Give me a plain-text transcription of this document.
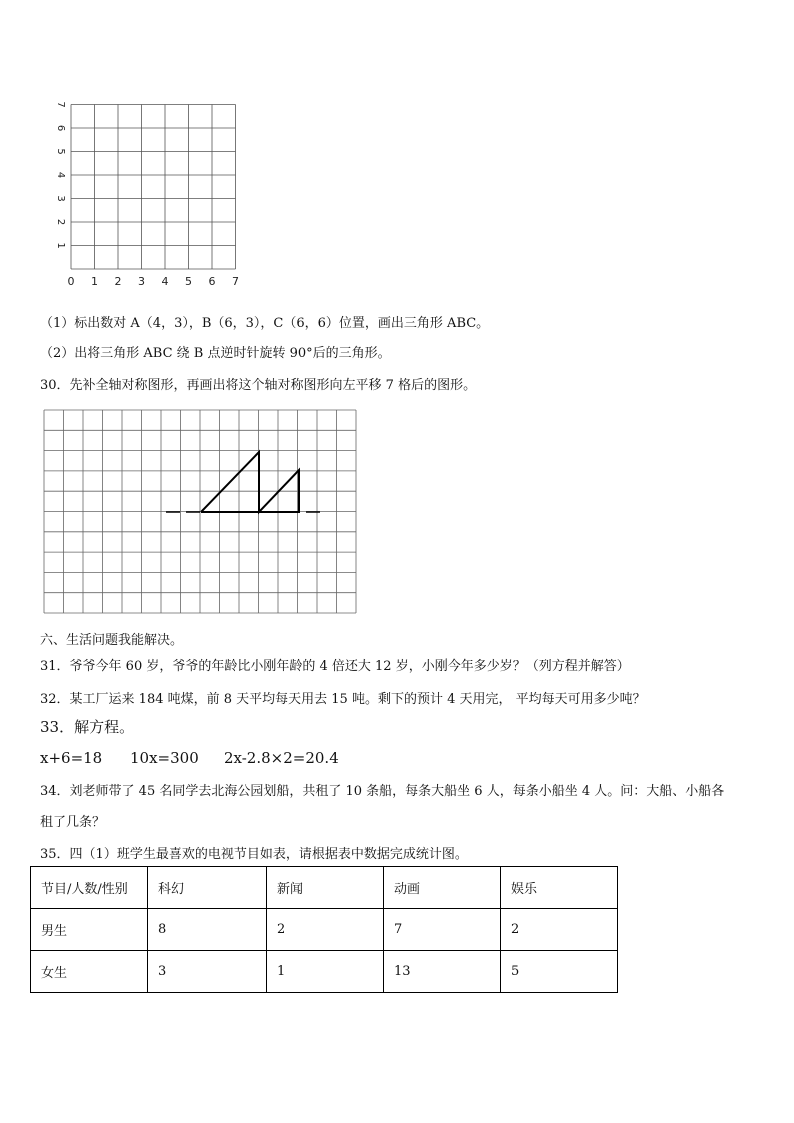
0 1 2 3 4 5 6 7
1
2
3
4
5
6
7
（1）标出数对 A（4，3），B（6，3），C（6，6）位置，画出三角形 ABC。
（2）出将三角形 ABC 绕 B 点逆时针旋转 90°后的三角形。
30．先补全轴对称图形，再画出将这个轴对称图形向左平移 7 格后的图形。
六、生活问题我能解决。
31．爷爷今年 60 岁，爷爷的年龄比小刚年龄的 4 倍还大 12 岁，小刚今年多少岁？（列方程并解答）
32．某工厂运来 184 吨煤，前 8 天平均每天用去 15 吨。剩下的预计 4 天用完， 平均每天可用多少吨？
33．解方程。
x+6=18 10x=300 2x-2.8×2=20.4
34．刘老师带了 45 名同学去北海公园划船，共租了 10 条船，每条大船坐 6 人，每条小船坐 4 人。问：大船、小船各
租了几条？
35．四（1）班学生最喜欢的电视节目如表，请根据表中数据完成统计图。
节目/人数/性别	科幻	新闻	动画	娱乐
男生	8	2	7	2
女生	3	1	13	5
